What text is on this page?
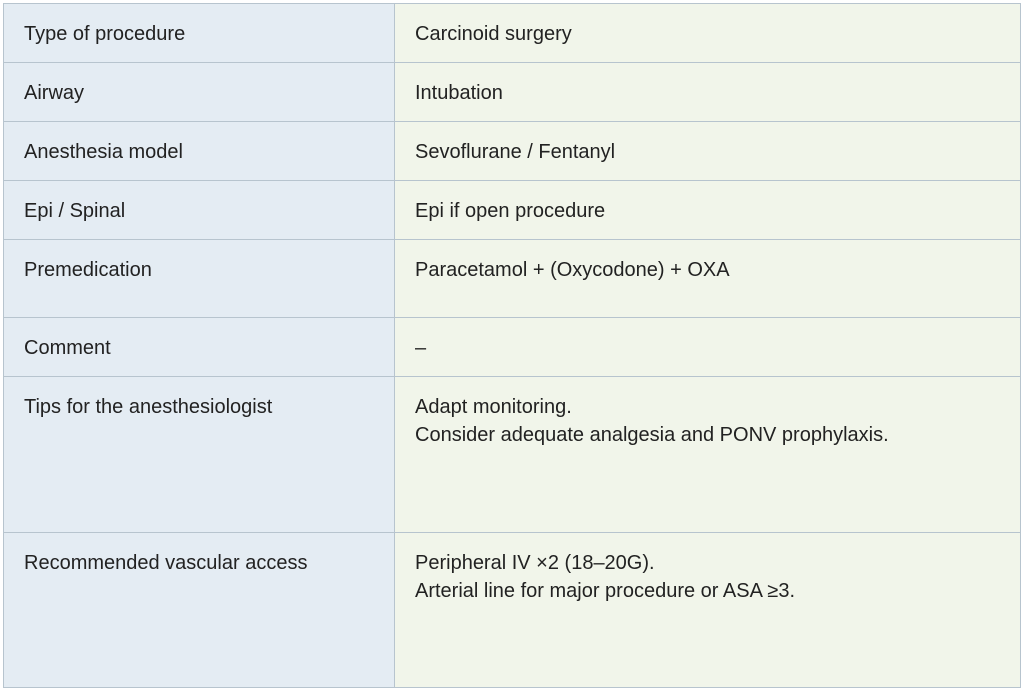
Type of procedure	Carcinoid surgery

Airway	Intubation

Anesthesia model	Sevoflurane / Fentanyl

Epi / Spinal	Epi if open procedure

Premedication	Paracetamol + (Oxycodone) + OXA

Comment	–

Tips for the anesthesiologist	Adapt monitoring.
Consider adequate analgesia and PONV prophylaxis.

Recommended vascular access	Peripheral IV ×2 (18–20G).
Arterial line for major procedure or ASA ≥3.
